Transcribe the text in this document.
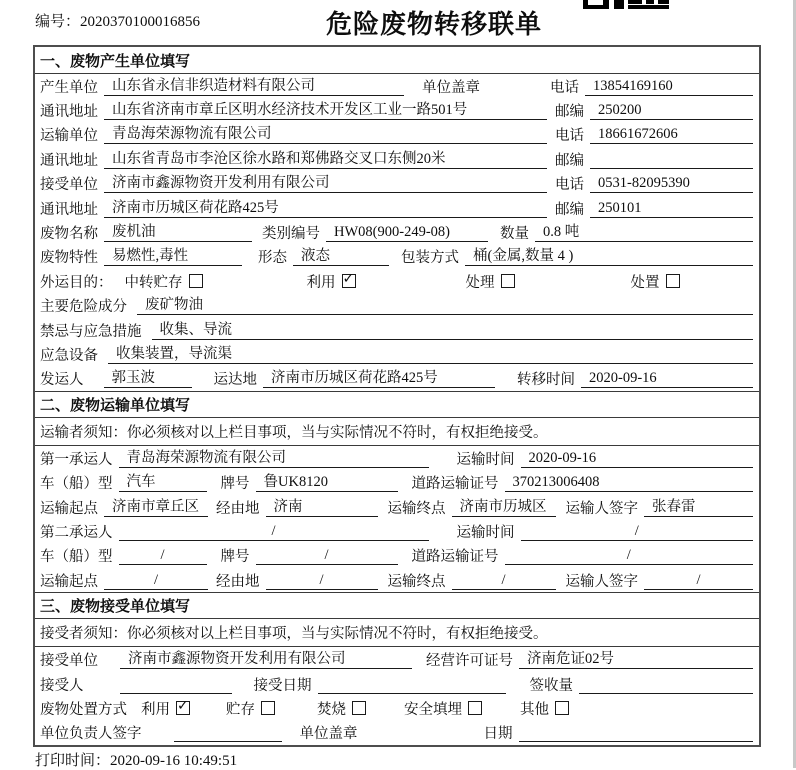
编号：2020370100016856	危险废物转移联单
一、废物产生单位填写
产生单位 山东省永信非织造材料有限公司	单位盖章	电话 13854169160
通讯地址 山东省济南市章丘区明水经济技术开发区工业一路501号	邮编 250200
运输单位 青岛海荣源物流有限公司	电话 18661672606
通讯地址 山东省青岛市李沧区徐水路和郑佛路交叉口东侧20米	邮编
接受单位 济南市鑫源物资开发利用有限公司	电话 0531-82095390
通讯地址 济南市历城区荷花路425号	邮编 250101
废物名称 废机油	类别编号 HW08(900-249-08)	数量 0.8 吨
废物特性 易燃性,毒性	形态 液态	包装方式 桶(金属,数量 4 )
外运目的： 中转贮存	利用 ✓	处理	处置
主要危险成分	废矿物油
禁忌与应急措施	收集、导流
应急设备	收集装置，导流渠
发运人	郭玉波	运达地 济南市历城区荷花路425号	转移时间 2020-09-16
二、废物运输单位填写
运输者须知：你必须核对以上栏目事项，当与实际情况不符时，有权拒绝接受。
第一承运人 青岛海荣源物流有限公司	运输时间 2020-09-16
车（船）型 汽车	牌号 鲁UK8120	道路运输证号 370213006408
运输起点 济南市章丘区	经由地 济南	运输终点 济南市历城区	运输人签字 张春雷
第二承运人	/	运输时间	/
车（船）型	/	牌号	/	道路运输证号	/
运输起点	/	经由地	/	运输终点	/	运输人签字	/
三、废物接受单位填写
接受者须知：你必须核对以上栏目事项，当与实际情况不符时，有权拒绝接受。
接受单位	济南市鑫源物资开发利用有限公司	经营许可证号 济南危证02号
接受人	接受日期	签收量
废物处置方式 利用 ✓	贮存	焚烧	安全填埋	其他
单位负责人签字	单位盖章	日期
打印时间：2020-09-16 10:49:51
